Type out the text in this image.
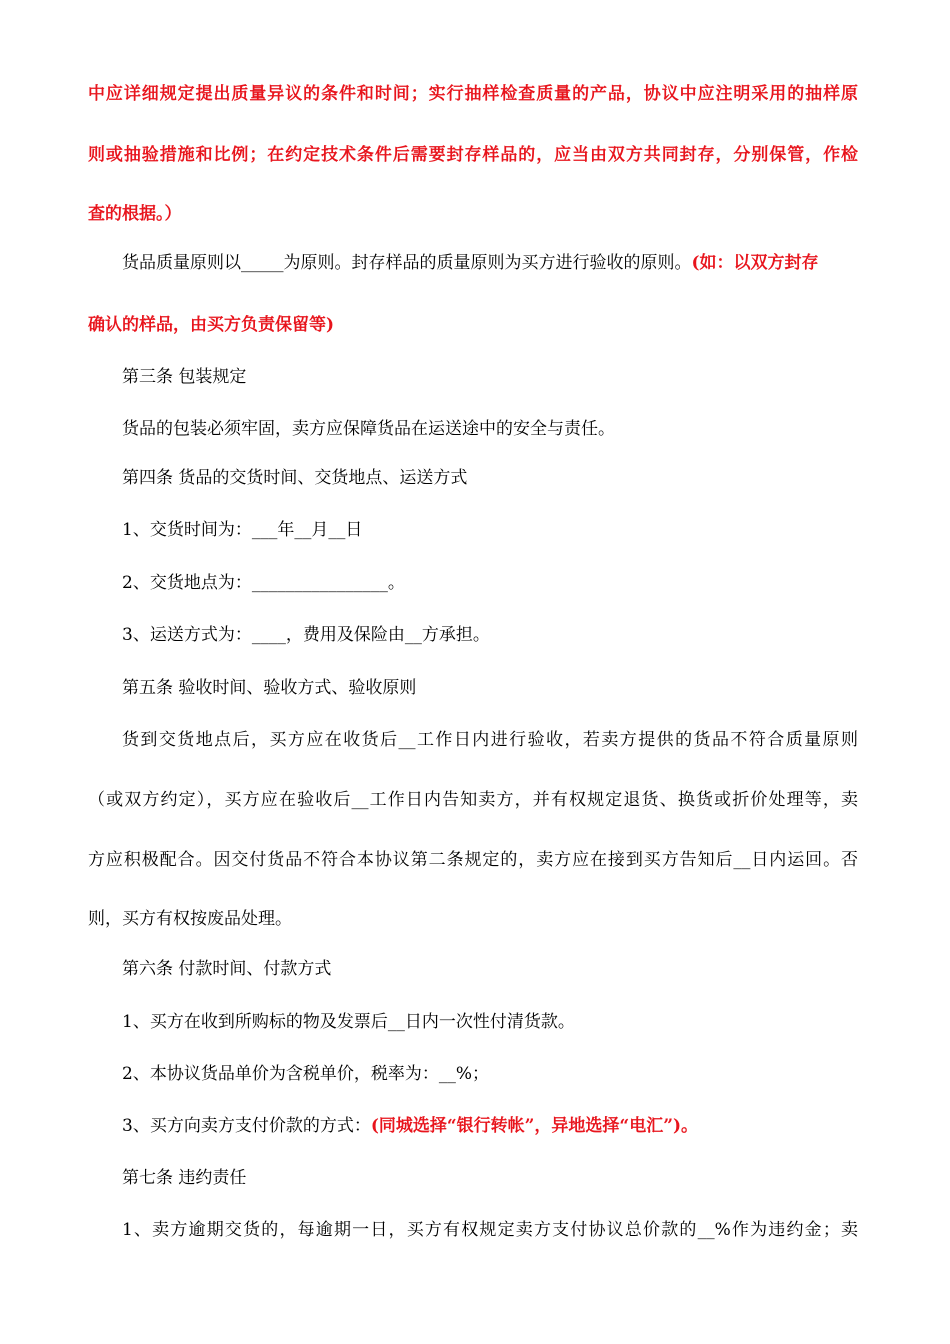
中应详细规定提出质量异议的条件和时间；实行抽样检查质量的产品，协议中应注明采用的抽样原
则或抽验措施和比例；在约定技术条件后需要封存样品的，应当由双方共同封存，分别保管，作检
查的根据。）
货品质量原则以_____为原则。封存样品的质量原则为买方进行验收的原则。(如：以双方封存
确认的样品，由买方负责保留等)
第三条 包装规定
货品的包装必须牢固，卖方应保障货品在运送途中的安全与责任。
第四条 货品的交货时间、交货地点、运送方式
1、交货时间为：___年__月__日
2、交货地点为：________________。
3、运送方式为：____，费用及保险由__方承担。
第五条 验收时间、验收方式、验收原则
货到交货地点后，买方应在收货后__工作日内进行验收，若卖方提供的货品不符合质量原则
（或双方约定），买方应在验收后__工作日内告知卖方，并有权规定退货、换货或折价处理等，卖
方应积极配合。因交付货品不符合本协议第二条规定的，卖方应在接到买方告知后__日内运回。否
则，买方有权按废品处理。
第六条 付款时间、付款方式
1、买方在收到所购标的物及发票后__日内一次性付清货款。
2、本协议货品单价为含税单价，税率为：__%；
3、买方向卖方支付价款的方式：(同城选择“银行转帐”，异地选择“电汇”)。
第七条 违约责任
1、卖方逾期交货的，每逾期一日，买方有权规定卖方支付协议总价款的__%作为违约金；卖
